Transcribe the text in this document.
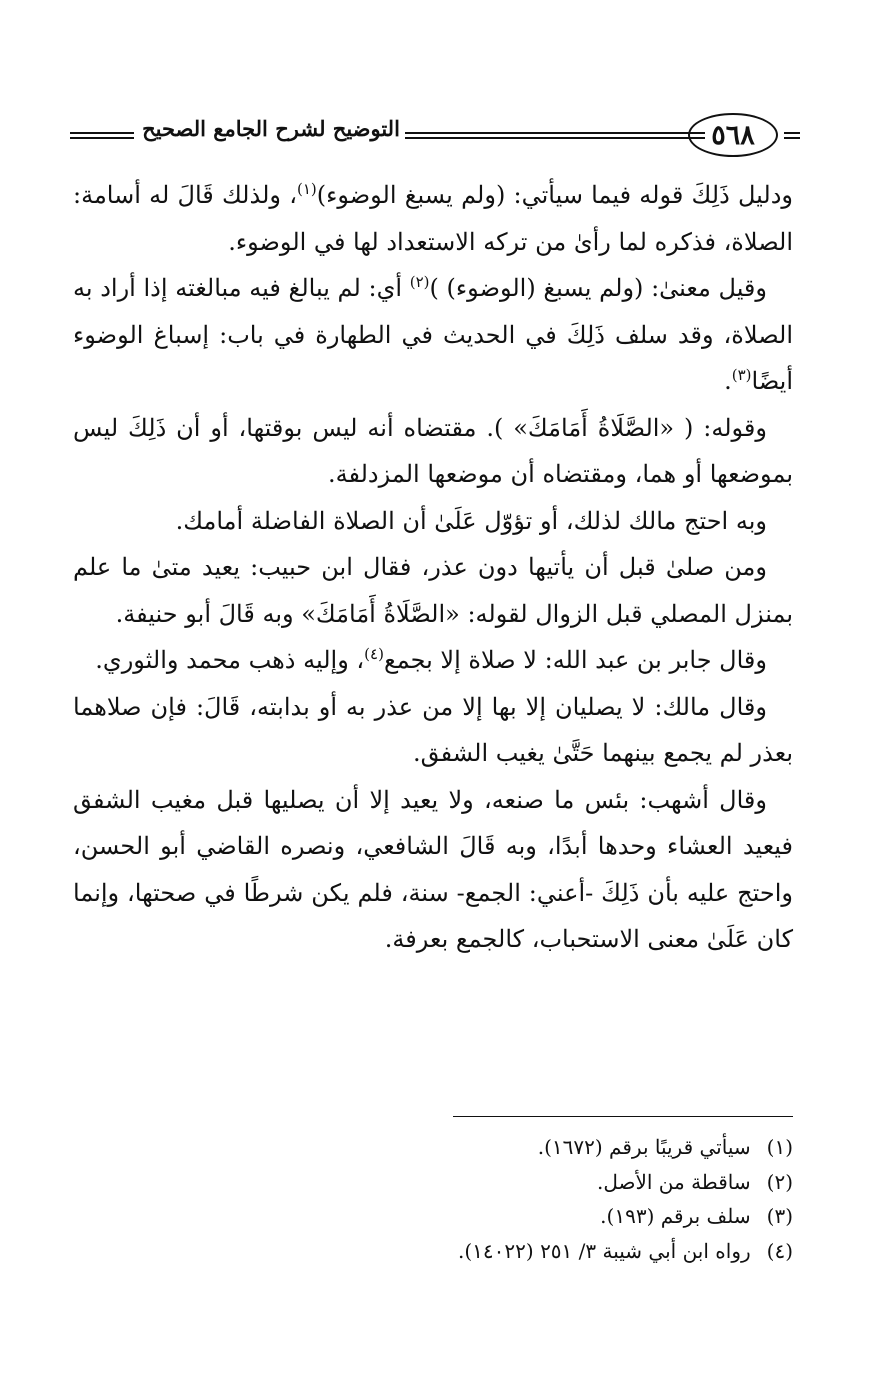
٥٦٨
التوضيح لشرح الجامع الصحيح

ودليل ذَلِكَ قوله فيما سيأتي: (ولم يسبغ الوضوء)$^{(١)}$، ولذلك قَالَ له أسامة: الصلاة، فذكره لما رأىٰ من تركه الاستعداد لها في الوضوء.

وقيل معنىٰ: (ولم يسبغ (الوضوء) )$^{(٢)}$ أي: لم يبالغ فيه مبالغته إذا أراد به الصلاة، وقد سلف ذَلِكَ في الحديث في الطهارة في باب: إسباغ الوضوء أيضًا$^{(٣)}$.

وقوله: ( «الصَّلَاةُ أَمَامَكَ» ). مقتضاه أنه ليس بوقتها، أو أن ذَلِكَ ليس بموضعها أو هما، ومقتضاه أن موضعها المزدلفة.

وبه احتج مالك لذلك، أو تؤوّل عَلَىٰ أن الصلاة الفاضلة أمامك.

ومن صلىٰ قبل أن يأتيها دون عذر، فقال ابن حبيب: يعيد متىٰ ما علم بمنزل المصلي قبل الزوال لقوله: «الصَّلَاةُ أَمَامَكَ» وبه قَالَ أبو حنيفة.

وقال جابر بن عبد الله: لا صلاة إلا بجمع$^{(٤)}$، وإليه ذهب محمد والثوري.

وقال مالك: لا يصليان إلا بها إلا من عذر به أو بدابته، قَالَ: فإن صلاهما بعذر لم يجمع بينهما حَتَّىٰ يغيب الشفق.

وقال أشهب: بئس ما صنعه، ولا يعيد إلا أن يصليها قبل مغيب الشفق فيعيد العشاء وحدها أبدًا، وبه قَالَ الشافعي، ونصره القاضي أبو الحسن، واحتج عليه بأن ذَلِكَ -أعني: الجمع- سنة، فلم يكن شرطًا في صحتها، وإنما كان عَلَىٰ معنى الاستحباب، كالجمع بعرفة.

(١) سيأتي قريبًا برقم (١٦٧٢).
(٢) ساقطة من الأصل.
(٣) سلف برقم (١٩٣).
(٤) رواه ابن أبي شيبة ٣/ ٢٥١ (١٤٠٢٢).
